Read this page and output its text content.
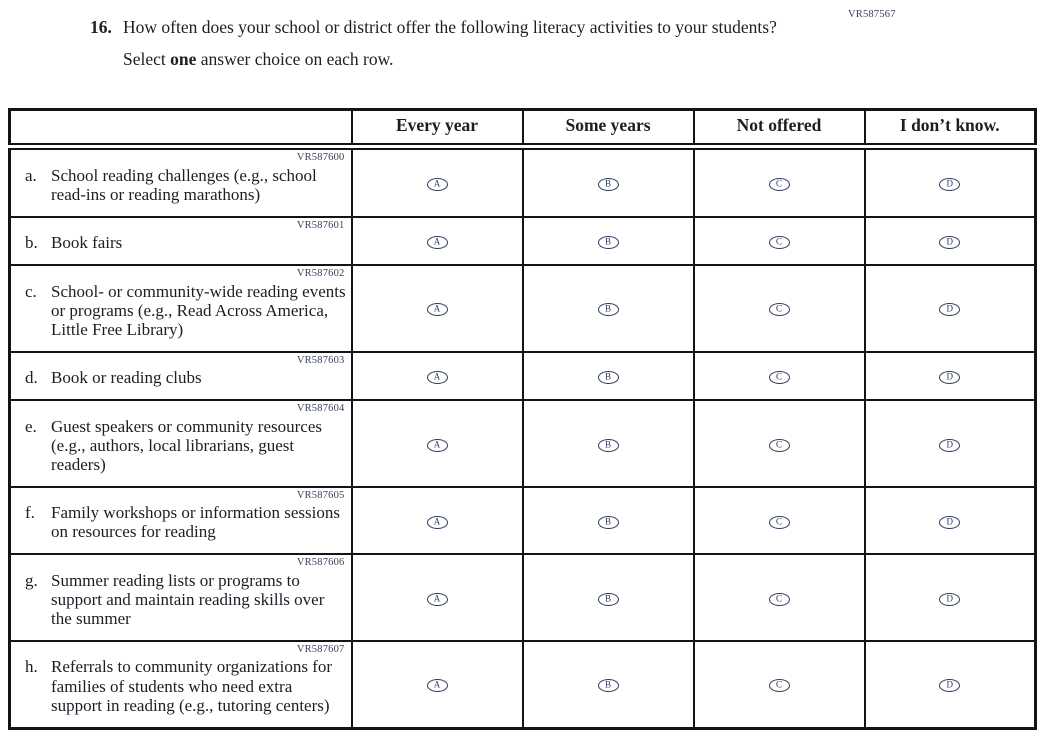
VR587567
16. How often does your school or district offer the following literacy activities to your students?

Select one answer choice on each row.

	Every year	Some years	Not offered	I don’t know.

VR587600
a. School reading challenges (e.g., school read-ins or reading marathons)	A	B	C	D

VR587601
b. Book fairs	A	B	C	D

VR587602
c. School- or community-wide reading events or programs (e.g., Read Across America, Little Free Library)	A	B	C	D

VR587603
d. Book or reading clubs	A	B	C	D

VR587604
e. Guest speakers or community resources (e.g., authors, local librarians, guest readers)	A	B	C	D

VR587605
f. Family workshops or information sessions on resources for reading	A	B	C	D

VR587606
g. Summer reading lists or programs to support and maintain reading skills over the summer	A	B	C	D

VR587607
h. Referrals to community organizations for families of students who need extra support in reading (e.g., tutoring centers)	A	B	C	D
